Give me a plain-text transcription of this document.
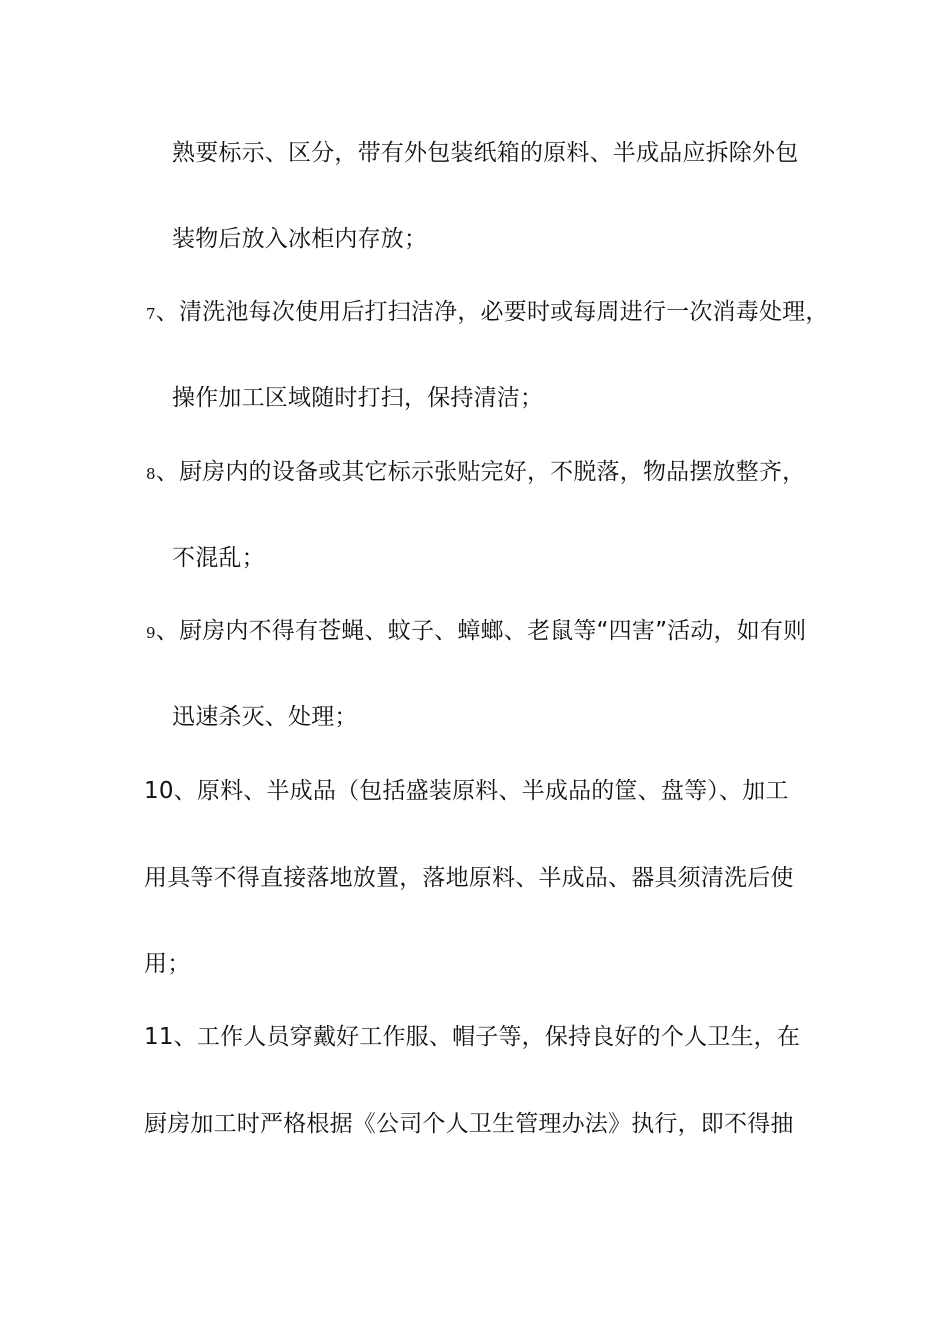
熟要标示、区分，带有外包装纸箱的原料、半成品应拆除外包
装物后放入冰柜内存放；
7、清洗池每次使用后打扫洁净，必要时或每周进行一次消毒处理，
操作加工区域随时打扫，保持清洁；
8、厨房内的设备或其它标示张贴完好，不脱落，物品摆放整齐，
不混乱；
9、厨房内不得有苍蝇、蚊子、蟑螂、老鼠等“四害”活动，如有则
迅速杀灭、处理；
10、原料、半成品（包括盛装原料、半成品的筐、盘等）、加工
用具等不得直接落地放置，落地原料、半成品、器具须清洗后使
用；
11、工作人员穿戴好工作服、帽子等，保持良好的个人卫生，在
厨房加工时严格根据《公司个人卫生管理办法》执行，即不得抽
